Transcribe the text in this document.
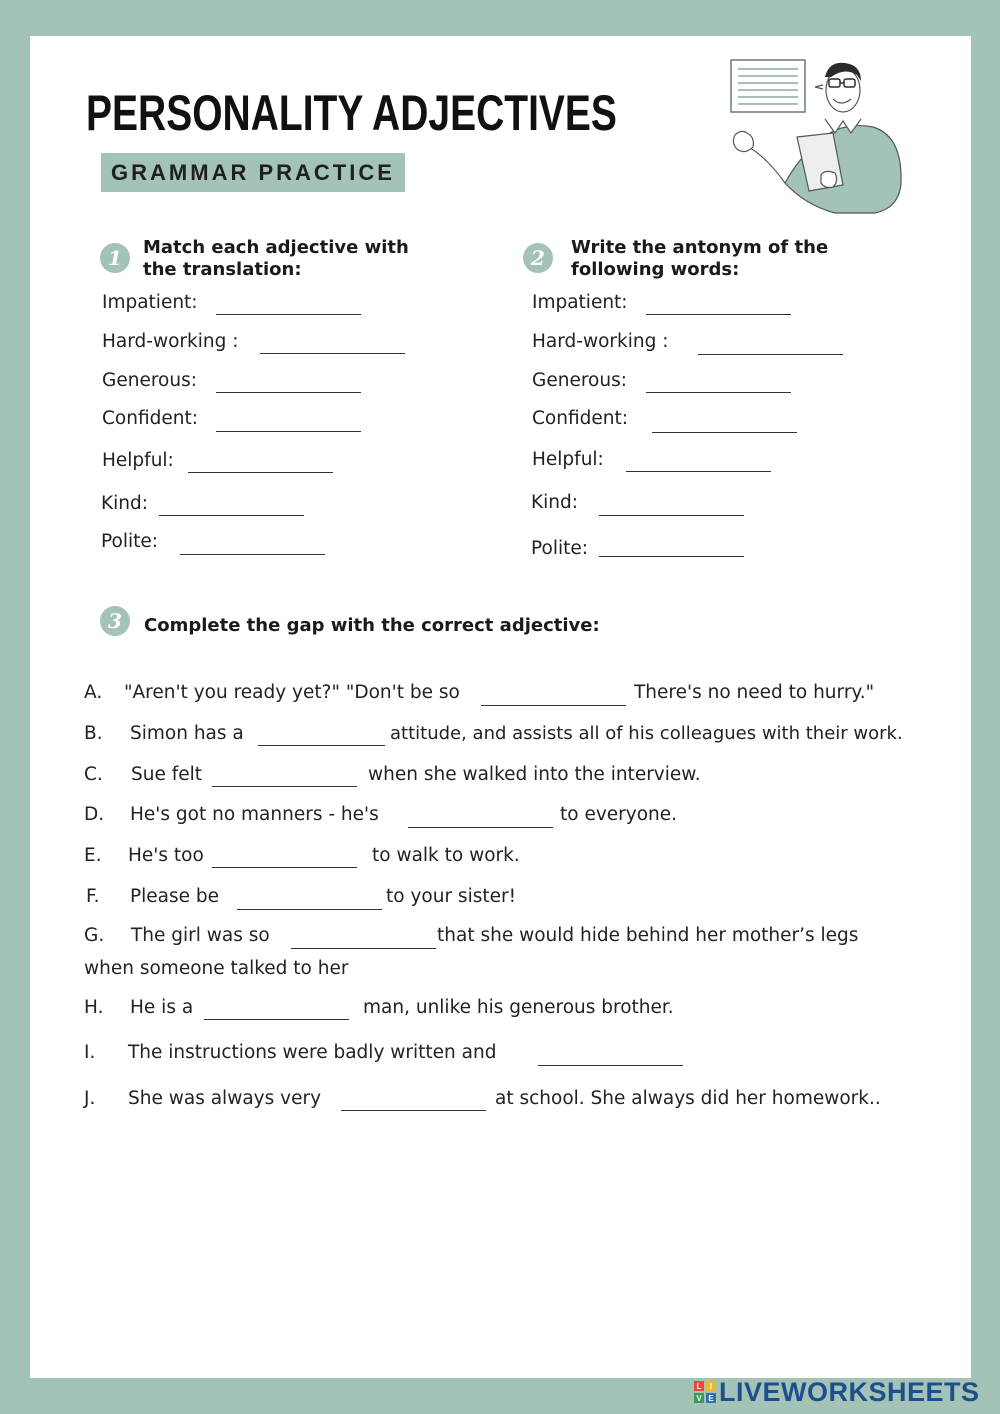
PERSONALITY ADJECTIVES
GRAMMAR PRACTICE
1 Match each adjective with
the translation:

Impatient:
Hard-working :
Generous:
Confident:
Helpful:
Kind:
Polite:
2 Write the antonym of the
following words:

Impatient:
Hard-working :
Generous:
Confident:
Helpful:
Kind:
Polite:
3 Complete the gap with the correct adjective:

A. "Aren't you ready yet?" "Don't be so	There's no need to hurry."
B. Simon has a	attitude, and assists all of his colleagues with their work.
C. Sue felt	when she walked into the interview.
D. He's got no manners - he's	to everyone.
E. He's too	to walk to work.
F. Please be	to your sister!
G. The girl was so	that she would hide behind her mother’s legs
when someone talked to her
H. He is a	man, unlike his generous brother.
I. The instructions were badly written and
J. She was always very	at school. She always did her homework..
L	I
V E LIVEWORKSHEETS
